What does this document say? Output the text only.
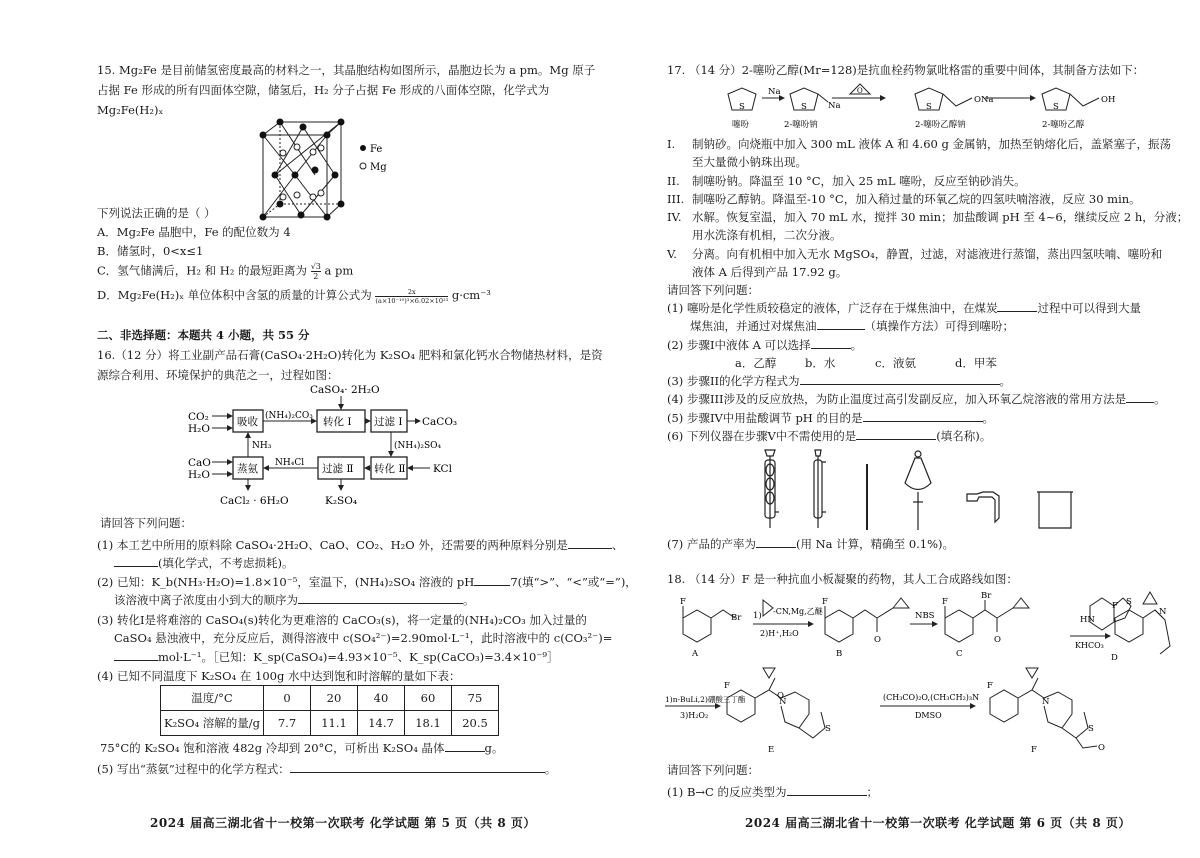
15. Mg₂Fe 是目前储氢密度最高的材料之一，其晶胞结构如图所示，晶胞边长为 a pm。Mg 原子
占据 Fe 形成的所有四面体空隙，储氢后，H₂ 分子占据 Fe 形成的八面体空隙，化学式为
Mg₂Fe(H₂)ₓ
Fe
Mg
下列说法正确的是（ ）
A．Mg₂Fe 晶胞中，Fe 的配位数为 4
B．储氢时，0<x≤1
C．氢气储满后，H₂ 和 H₂ 的最短距离为 $\frac{√3}{2}$ a pm
D．Mg₂Fe(H₂)ₓ 单位体积中含氢的质量的计算公式为 $\frac{2x}{\text{(a×10⁻¹⁰)³×6.02×10²³}} g\cdot cm^{-3}$
二、非选择题：本题共 4 小题，共 55 分
16.（12 分）将工业副产品石膏(CaSO₄·2H₂O)转化为 K₂SO₄ 肥料和氯化钙水合物储热材料，是资
源综合利用、环境保护的典范之一，过程如图：
CaSO₄· 2H₂O
CO₂
H₂O
吸收 (NH₄)₂CO₃ 转化 Ⅰ 过滤 Ⅰ CaCO₃
NH₃	(NH₄)₂SO₄
CaO
H₂O	蒸氨 NH₄Cl 过滤 Ⅱ 转化 Ⅱ	KCl
CaCl₂ · 6H₂O	K₂SO₄
请回答下列问题：
(1) 本工艺中所用的原料除 CaSO₄·2H₂O、CaO、CO₂、H₂O 外，还需要的两种原料分别是	、
(填化学式，不考虑损耗)。
(2) 已知：K_b(NH₃·H₂O)=1.8×10⁻⁵，室温下，(NH₄)₂SO₄ 溶液的 pH	7(填“>”、“<”或“=”)，
该溶液中离子浓度由小到大的顺序为	。
(3) 转化Ⅰ是将难溶的 CaSO₄(s)转化为更难溶的 CaCO₃(s)，将一定量的(NH₄)₂CO₃ 加入过量的
CaSO₄ 悬浊液中，充分反应后，测得溶液中 c(SO₄²⁻)=2.90mol·L⁻¹，此时溶液中的 c(CO₃²⁻)=
mol·L⁻¹。［已知：K_sp(CaSO₄)=4.93×10⁻⁵、K_sp(CaCO₃)=3.4×10⁻⁹］
(4) 已知不同温度下 K₂SO₄ 在 100g 水中达到饱和时溶解的量如下表：
温度/°C	0	20	40	60	75
K₂SO₄ 溶解的量/g	7.7	11.1	14.7	18.1	20.5
75°C的 K₂SO₄ 饱和溶液 482g 冷却到 20°C，可析出 K₂SO₄ 晶体	g。
(5) 写出“蒸氨”过程中的化学方程式：	。
2024 届高三湖北省十一校第一次联考 化学试题 第 5 页（共 8 页）
17. （14 分）2-噻吩乙醇(Mr=128)是抗血栓药物氯吡格雷的重要中间体，其制备方法如下：
S	S	S	S
Na
Na
O
ONa	OH
噻吩	2-噻吩钠	2-噻吩乙醇钠	2-噻吩乙醇
I. 制钠砂。向烧瓶中加入 300 mL 液体 A 和 4.60 g 金属钠，加热至钠熔化后，盖紧塞子，振荡
至大量微小钠珠出现。
II. 制噻吩钠。降温至 10 °C，加入 25 mL 噻吩，反应至钠砂消失。
III. 制噻吩乙醇钠。降温至-10 °C，加入稍过量的环氧乙烷的四氢呋喃溶液，反应 30 min。
IV. 水解。恢复室温，加入 70 mL 水，搅拌 30 min；加盐酸调 pH 至 4~6，继续反应 2 h，分液；
用水洗涤有机相，二次分液。
V. 分离。向有机相中加入无水 MgSO₄，静置，过滤，对滤液进行蒸馏，蒸出四氢呋喃、噻吩和
液体 A 后得到产品 17.92 g。
请回答下列问题：
(1) 噻吩是化学性质较稳定的液体，广泛存在于煤焦油中，在煤炭	过程中可以得到大量
煤焦油，并通过对煤焦油	（填操作方法）可得到噻吩；
(2) 步骤I中液体 A 可以选择	。
a．乙醇 b．水	c．液氨	d．甲苯
(3) 步骤II的化学方程式为	。
(4) 步骤III涉及的反应放热，为防止温度过高引发副反应，加入环氧乙烷溶液的常用方法是 。
(5) 步骤IV中用盐酸调节 pH 的目的是	。
(6) 下列仪器在步骤V中不需使用的是	(填名称)。
(7) 产品的产率为	(用 Na 计算，精确至 0.1%)。
18. （14 分）F 是一种抗血小板凝聚的药物，其人工合成路线如图：
F
Br
F
O
F
Br
O
HN
S
F
N
1) -CN,Mg,乙醚
2)H⁺,H₂O
NBS
KHCO₃
1)n-BuLi,2)硼酸三丁酯
3)H₂O₂
(CH₃CO)₂O,(CH₃CH₂)₃N
DMSO
F
O
N
S
F
N
S
O
A	B	C	D
E	F
请回答下列问题：
(1) B→C 的反应类型为	；
2024 届高三湖北省十一校第一次联考 化学试题 第 6 页（共 8 页）
